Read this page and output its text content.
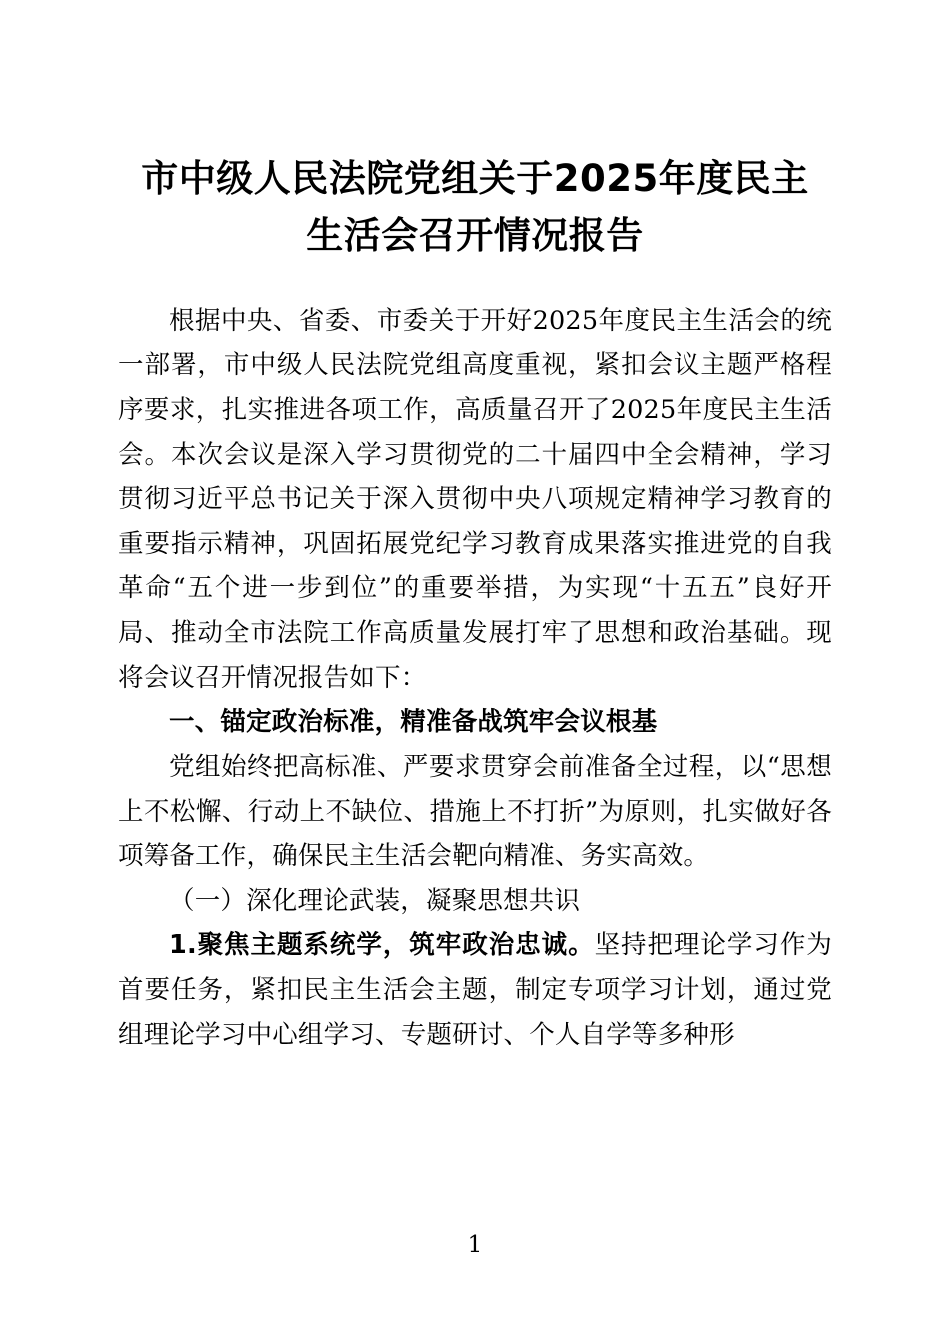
市中级人民法院党组关于2025年度民主生活会召开情况报告

根据中央、省委、市委关于开好2025年度民主生活会的统一部署，市中级人民法院党组高度重视，紧扣会议主题严格程序要求，扎实推进各项工作，高质量召开了2025年度民主生活会。本次会议是深入学习贯彻党的二十届四中全会精神，学习贯彻习近平总书记关于深入贯彻中央八项规定精神学习教育的重要指示精神，巩固拓展党纪学习教育成果落实推进党的自我革命“五个进一步到位”的重要举措，为实现“十五五”良好开局、推动全市法院工作高质量发展打牢了思想和政治基础。现将会议召开情况报告如下：

一、锚定政治标准，精准备战筑牢会议根基

党组始终把高标准、严要求贯穿会前准备全过程，以“思想上不松懈、行动上不缺位、措施上不打折”为原则，扎实做好各项筹备工作，确保民主生活会靶向精准、务实高效。

（一）深化理论武装，凝聚思想共识

1.聚焦主题系统学，筑牢政治忠诚。坚持把理论学习作为首要任务，紧扣民主生活会主题，制定专项学习计划，通过党组理论学习中心组学习、专题研讨、个人自学等多种形

1
